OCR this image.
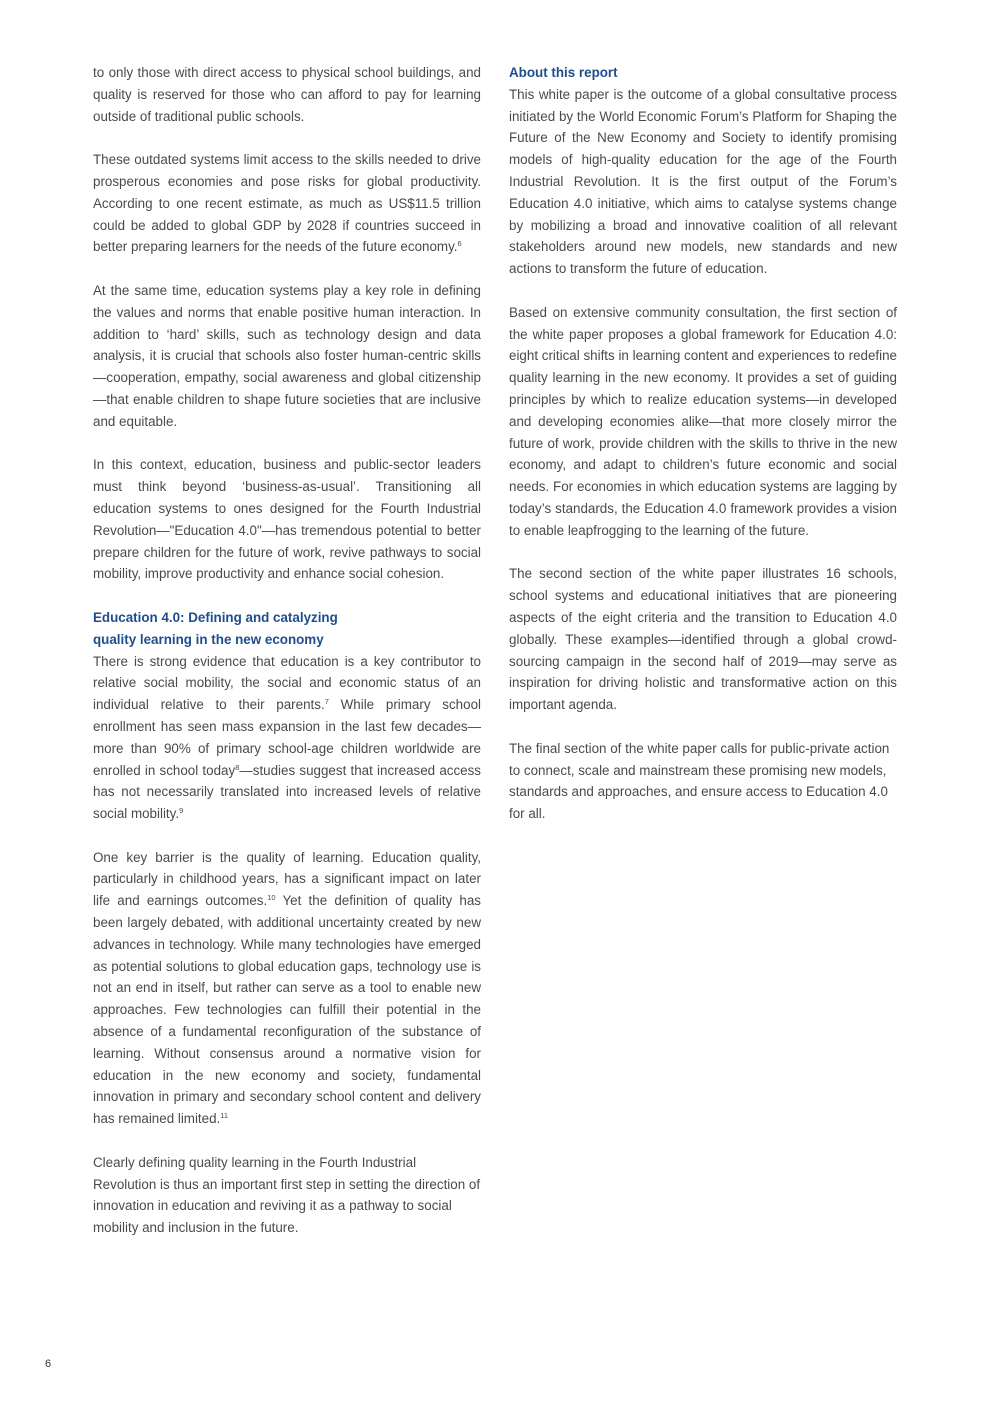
to only those with direct access to physical school buildings, and quality is reserved for those who can afford to pay for learning outside of traditional public schools.

These outdated systems limit access to the skills needed to drive prosperous economies and pose risks for global productivity. According to one recent estimate, as much as US$11.5 trillion could be added to global GDP by 2028 if countries succeed in better preparing learners for the needs of the future economy.$^6$

At the same time, education systems play a key role in defining the values and norms that enable positive human interaction. In addition to ‘hard’ skills, such as technology design and data analysis, it is crucial that schools also foster human-centric skills—cooperation, empathy, social awareness and global citizenship—that enable children to shape future societies that are inclusive and equitable.

In this context, education, business and public-sector leaders must think beyond ‘business-as-usual’. Transitioning all education systems to ones designed for the Fourth Industrial Revolution—"Education 4.0"—has tremendous potential to better prepare children for the future of work, revive pathways to social mobility, improve productivity and enhance social cohesion.

Education 4.0: Defining and catalyzing
quality learning in the new economy

There is strong evidence that education is a key contributor to relative social mobility, the social and economic status of an individual relative to their parents.$^7$ While primary school enrollment has seen mass expansion in the last few decades—more than 90% of primary school-age children worldwide are enrolled in school today$^8$—studies suggest that increased access has not necessarily translated into increased levels of relative social mobility.$^9$

One key barrier is the quality of learning. Education quality, particularly in childhood years, has a significant impact on later life and earnings outcomes.$^{10}$ Yet the definition of quality has been largely debated, with additional uncertainty created by new advances in technology. While many technologies have emerged as potential solutions to global education gaps, technology use is not an end in itself, but rather can serve as a tool to enable new approaches. Few technologies can fulfill their potential in the absence of a fundamental reconfiguration of the substance of learning. Without consensus around a normative vision for education in the new economy and society, fundamental innovation in primary and secondary school content and delivery has remained limited.$^{11}$

Clearly defining quality learning in the Fourth Industrial Revolution is thus an important first step in setting the direction of innovation in education and reviving it as a pathway to social mobility and inclusion in the future.

About this report

This white paper is the outcome of a global consultative process initiated by the World Economic Forum’s Platform for Shaping the Future of the New Economy and Society to identify promising models of high-quality education for the age of the Fourth Industrial Revolution. It is the first output of the Forum’s Education 4.0 initiative, which aims to catalyse systems change by mobilizing a broad and innovative coalition of all relevant stakeholders around new models, new standards and new actions to transform the future of education.

Based on extensive community consultation, the first section of the white paper proposes a global framework for Education 4.0: eight critical shifts in learning content and experiences to redefine quality learning in the new economy. It provides a set of guiding principles by which to realize education systems—in developed and developing economies alike—that more closely mirror the future of work, provide children with the skills to thrive in the new economy, and adapt to children’s future economic and social needs. For economies in which education systems are lagging by today’s standards, the Education 4.0 framework provides a vision to enable leapfrogging to the learning of the future.

The second section of the white paper illustrates 16 schools, school systems and educational initiatives that are pioneering aspects of the eight criteria and the transition to Education 4.0 globally. These examples—identified through a global crowd-sourcing campaign in the second half of 2019—may serve as inspiration for driving holistic and transformative action on this important agenda.

The final section of the white paper calls for public-private action to connect, scale and mainstream these promising new models, standards and approaches, and ensure access to Education 4.0 for all.

6
